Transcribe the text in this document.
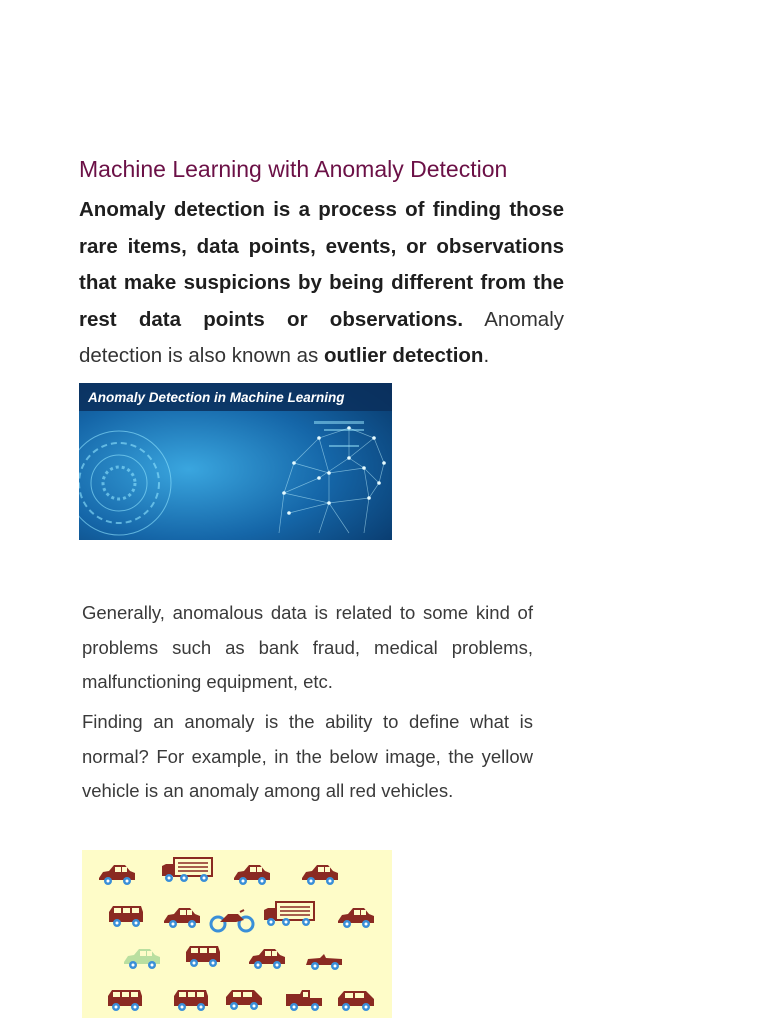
Machine Learning with Anomaly Detection
Anomaly detection is a process of finding those rare items, data points, events, or observations that make suspicions by being different from the rest data points or observations. Anomaly detection is also known as outlier detection.
Anomaly Detection in Machine Learning

Generally, anomalous data is related to some kind of problems such as bank fraud, medical problems, malfunctioning equipment, etc.

Finding an anomaly is the ability to define what is normal? For example, in the below image, the yellow vehicle is an anomaly among all red vehicles.
